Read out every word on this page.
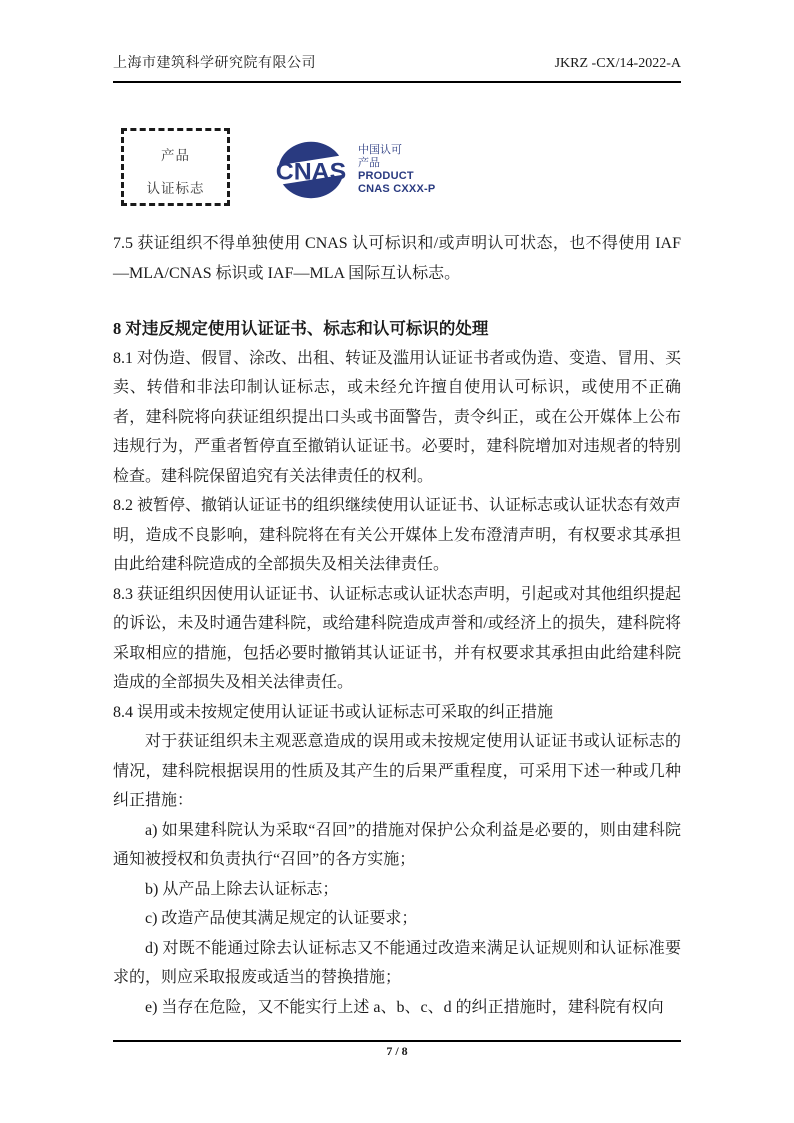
上海市建筑科学研究院有限公司	JKRZ -CX/14-2022-A
产品
认证标志
CNAS
中国认可
产品
PRODUCT
CNAS CXXX-P

7.5 获证组织不得单独使用 CNAS 认可标识和/或声明认可状态，也不得使用 IAF—MLA/CNAS 标识或 IAF—MLA 国际互认标志。

8 对违反规定使用认证证书、标志和认可标识的处理

8.1 对伪造、假冒、涂改、出租、转证及滥用认证证书者或伪造、变造、冒用、买卖、转借和非法印制认证标志，或未经允许擅自使用认可标识，或使用不正确者，建科院将向获证组织提出口头或书面警告，责令纠正，或在公开媒体上公布违规行为，严重者暂停直至撤销认证证书。必要时，建科院增加对违规者的特别检查。建科院保留追究有关法律责任的权利。

8.2 被暂停、撤销认证证书的组织继续使用认证证书、认证标志或认证状态有效声明，造成不良影响，建科院将在有关公开媒体上发布澄清声明，有权要求其承担由此给建科院造成的全部损失及相关法律责任。

8.3 获证组织因使用认证证书、认证标志或认证状态声明，引起或对其他组织提起的诉讼，未及时通告建科院，或给建科院造成声誉和/或经济上的损失，建科院将采取相应的措施，包括必要时撤销其认证证书，并有权要求其承担由此给建科院造成的全部损失及相关法律责任。

8.4 误用或未按规定使用认证证书或认证标志可采取的纠正措施

对于获证组织未主观恶意造成的误用或未按规定使用认证证书或认证标志的情况，建科院根据误用的性质及其产生的后果严重程度，可采用下述一种或几种纠正措施：

a) 如果建科院认为采取“召回”的措施对保护公众利益是必要的，则由建科院通知被授权和负责执行“召回”的各方实施；

b) 从产品上除去认证标志；

c) 改造产品使其满足规定的认证要求；

d) 对既不能通过除去认证标志又不能通过改造来满足认证规则和认证标准要求的，则应采取报废或适当的替换措施；

e) 当存在危险，又不能实行上述 a、b、c、d 的纠正措施时，建科院有权向

7 / 8
